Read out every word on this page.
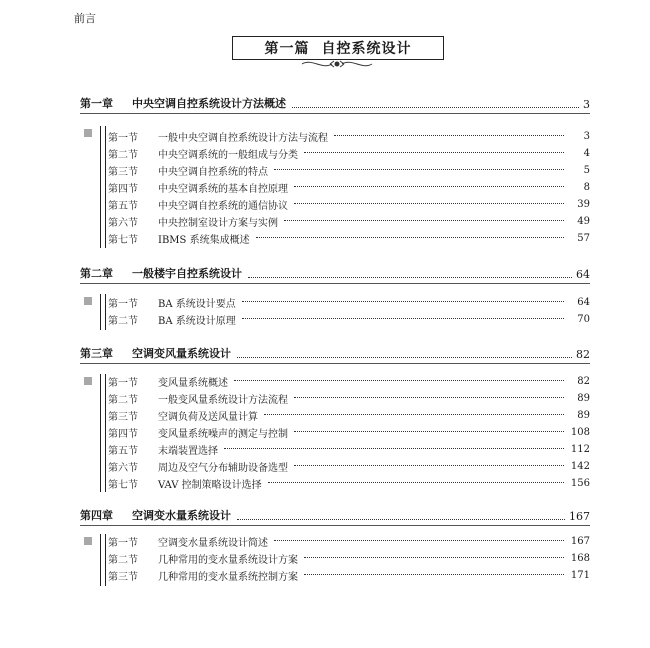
前言
第一篇 自控系统设计
第一章	中央空调自控系统设计方法概述	3
第一节	一般中央空调自控系统设计方法与流程	3
第二节	中央空调系统的一般组成与分类	4
第三节	中央空调自控系统的特点	5
第四节	中央空调系统的基本自控原理	8
第五节	中央空调自控系统的通信协议	39
第六节	中央控制室设计方案与实例	49
第七节	IBMS 系统集成概述	57
第二章	一般楼宇自控系统设计	64
第一节	BA 系统设计要点	64
第二节	BA 系统设计原理	70
第三章	空调变风量系统设计	82
第一节	变风量系统概述	82
第二节	一般变风量系统设计方法流程	89
第三节	空调负荷及送风量计算	89
第四节	变风量系统噪声的测定与控制	108
第五节	末端装置选择	112
第六节	周边及空气分布辅助设备选型	142
第七节	VAV 控制策略设计选择	156
第四章	空调变水量系统设计	167
第一节	空调变水量系统设计简述	167
第二节	几种常用的变水量系统设计方案	168
第三节	几种常用的变水量系统控制方案	171
